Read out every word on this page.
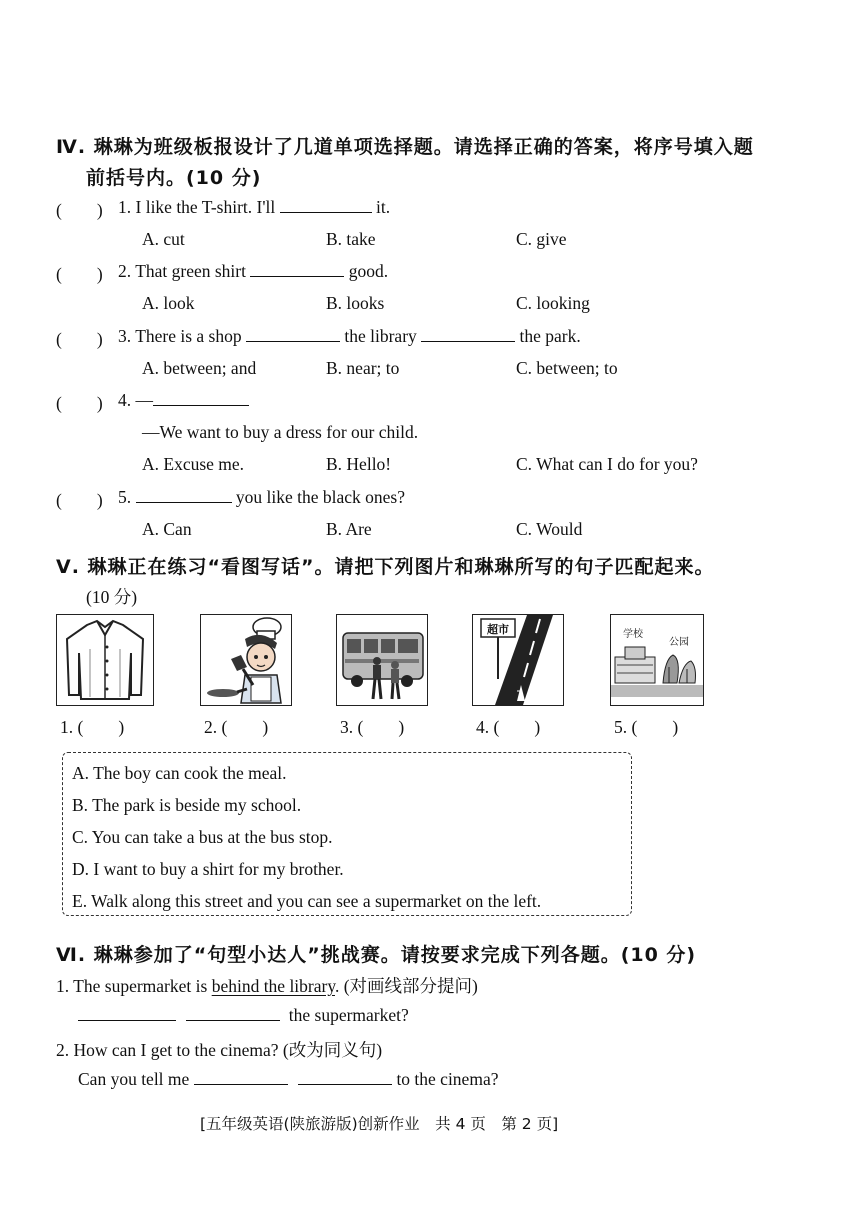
Ⅳ. 琳琳为班级板报设计了几道单项选择题。请选择正确的答案，将序号填入题
前括号内。(10 分)
(　　) 1. I like the T-shirt. I'll	it.
A. cut	B. take	C. give
(　　) 2. That green shirt	good.
A. look	B. looks	C. looking
(　　) 3. There is a shop	the library	the park.
A. between; and	B. near; to	C. between; to
(　　) 4. —
—We want to buy a dress for our child.
A. Excuse me.	B. Hello!	C. What can I do for you?
(　　) 5.	you like the black ones?
A. Can	B. Are	C. Would
Ⅴ. 琳琳正在练习“看图写话”。请把下列图片和琳琳所写的句子匹配起来。
(10 分)
1. (　　)	2. (　　)	3. (　　)
超市
4. (　　)
学校
公园
5. (　　)
A. The boy can cook the meal.
B. The park is beside my school.
C. You can take a bus at the bus stop.
D. I want to buy a shirt for my brother.
E. Walk along this street and you can see a supermarket on the left.
Ⅵ. 琳琳参加了“句型小达人”挑战赛。请按要求完成下列各题。(10 分)
1. The supermarket is behind the library. (对画线部分提问)
the supermarket?
2. How can I get to the cinema? (改为同义句)
Can you tell me	to the cinema?
[五年级英语(陕旅游版)创新作业　共 4 页　第 2 页]
